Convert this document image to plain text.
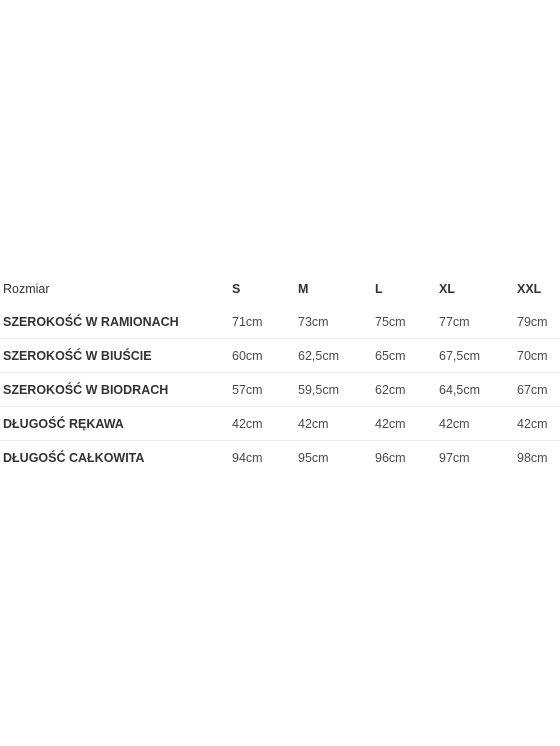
Rozmiar	S	M	L	XL	XXL
SZEROKOŚĆ W RAMIONACH	71cm	73cm	75cm	77cm	79cm
SZEROKOŚĆ W BIUŚCIE	60cm	62,5cm	65cm	67,5cm	70cm
SZEROKOŚĆ W BIODRACH	57cm	59,5cm	62cm	64,5cm	67cm
DŁUGOŚĆ RĘKAWA	42cm	42cm	42cm	42cm	42cm
DŁUGOŚĆ CAŁKOWITA	94cm	95cm	96cm	97cm	98cm
